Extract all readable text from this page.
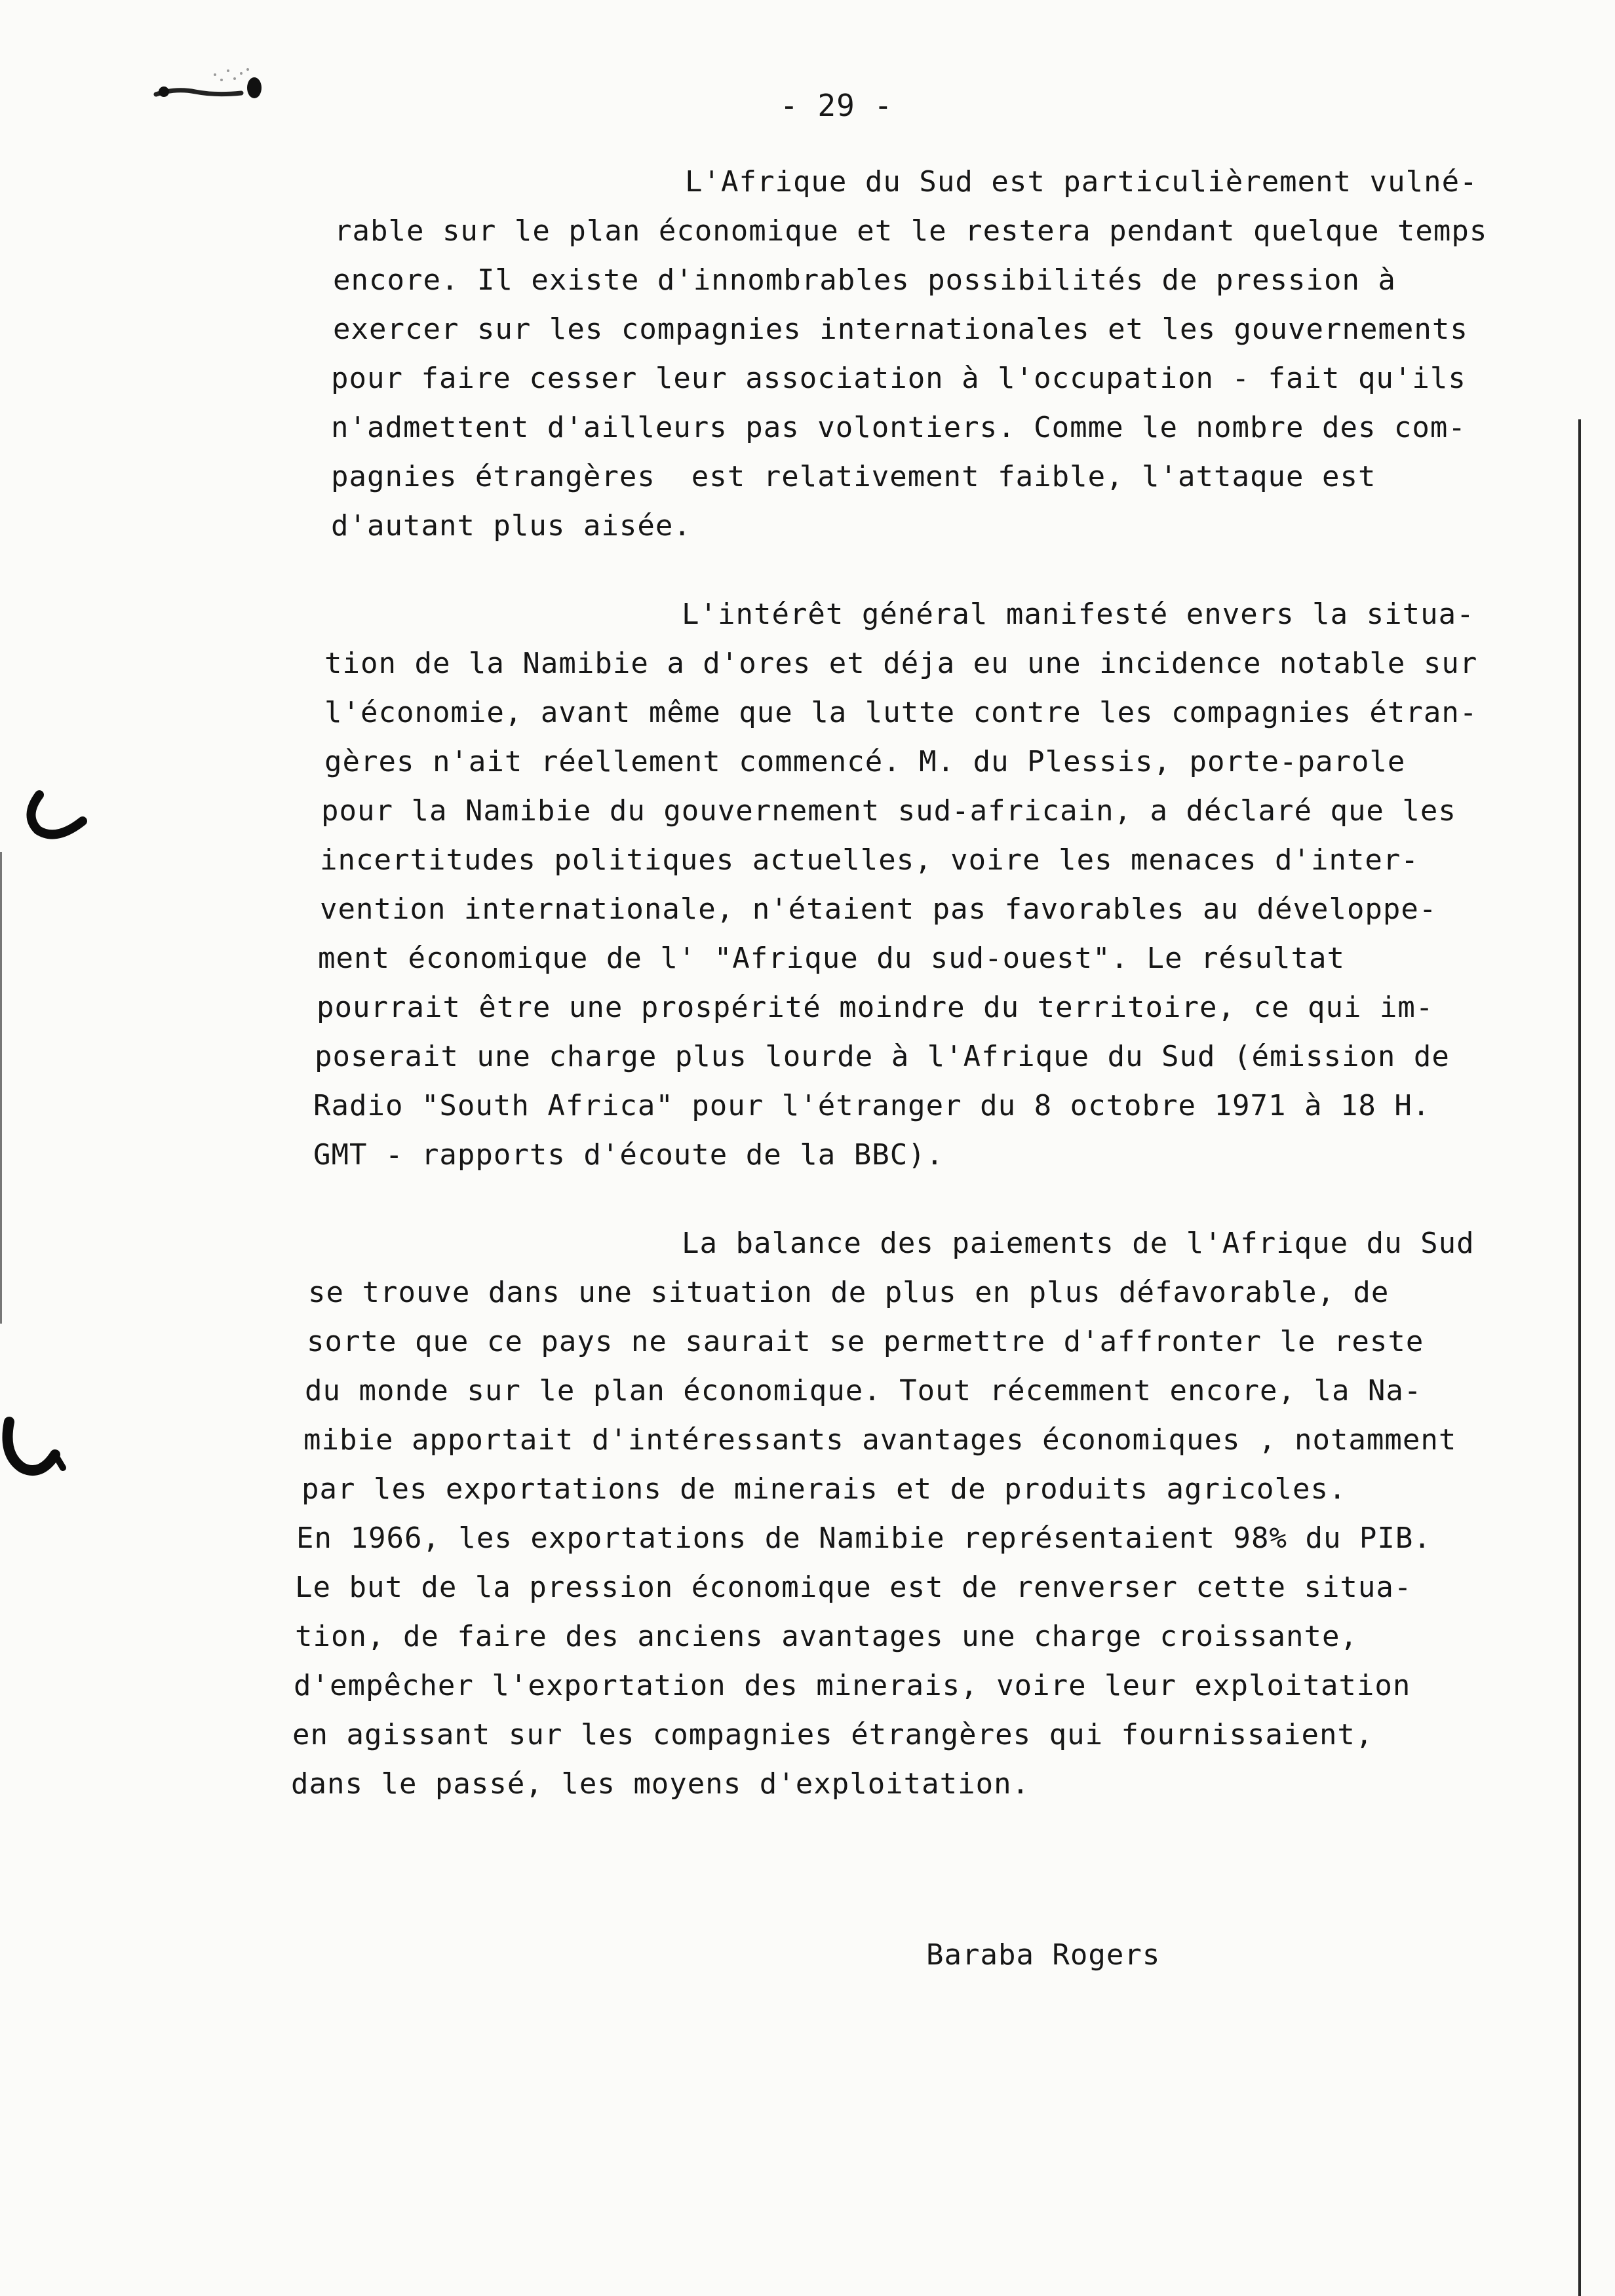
- 29 -
L'Afrique du Sud est particulièrement vulné-
rable sur le plan économique et le restera pendant quelque temps
encore. Il existe d'innombrables possibilités de pression à
exercer sur les compagnies internationales et les gouvernements
pour faire cesser leur association à l'occupation - fait qu'ils
n'admettent d'ailleurs pas volontiers. Comme le nombre des com-
pagnies étrangères  est relativement faible, l'attaque est
d'autant plus aisée.
L'intérêt général manifesté envers la situa-
tion de la Namibie a d'ores et déja eu une incidence notable sur
l'économie, avant même que la lutte contre les compagnies étran-
gères n'ait réellement commencé. M. du Plessis, porte-parole
pour la Namibie du gouvernement sud-africain, a déclaré que les
incertitudes politiques actuelles, voire les menaces d'inter-
vention internationale, n'étaient pas favorables au développe-
ment économique de l' "Afrique du sud-ouest". Le résultat
pourrait être une prospérité moindre du territoire, ce qui im-
poserait une charge plus lourde à l'Afrique du Sud (émission de
Radio "South Africa" pour l'étranger du 8 octobre 1971 à 18 H.
GMT - rapports d'écoute de la BBC).
La balance des paiements de l'Afrique du Sud
se trouve dans une situation de plus en plus défavorable, de
sorte que ce pays ne saurait se permettre d'affronter le reste
du monde sur le plan économique. Tout récemment encore, la Na-
mibie apportait d'intéressants avantages économiques , notamment
par les exportations de minerais et de produits agricoles.
En 1966, les exportations de Namibie représentaient 98% du PIB.
Le but de la pression économique est de renverser cette situa-
tion, de faire des anciens avantages une charge croissante,
d'empêcher l'exportation des minerais, voire leur exploitation
en agissant sur les compagnies étrangères qui fournissaient,
dans le passé, les moyens d'exploitation.
Baraba Rogers
